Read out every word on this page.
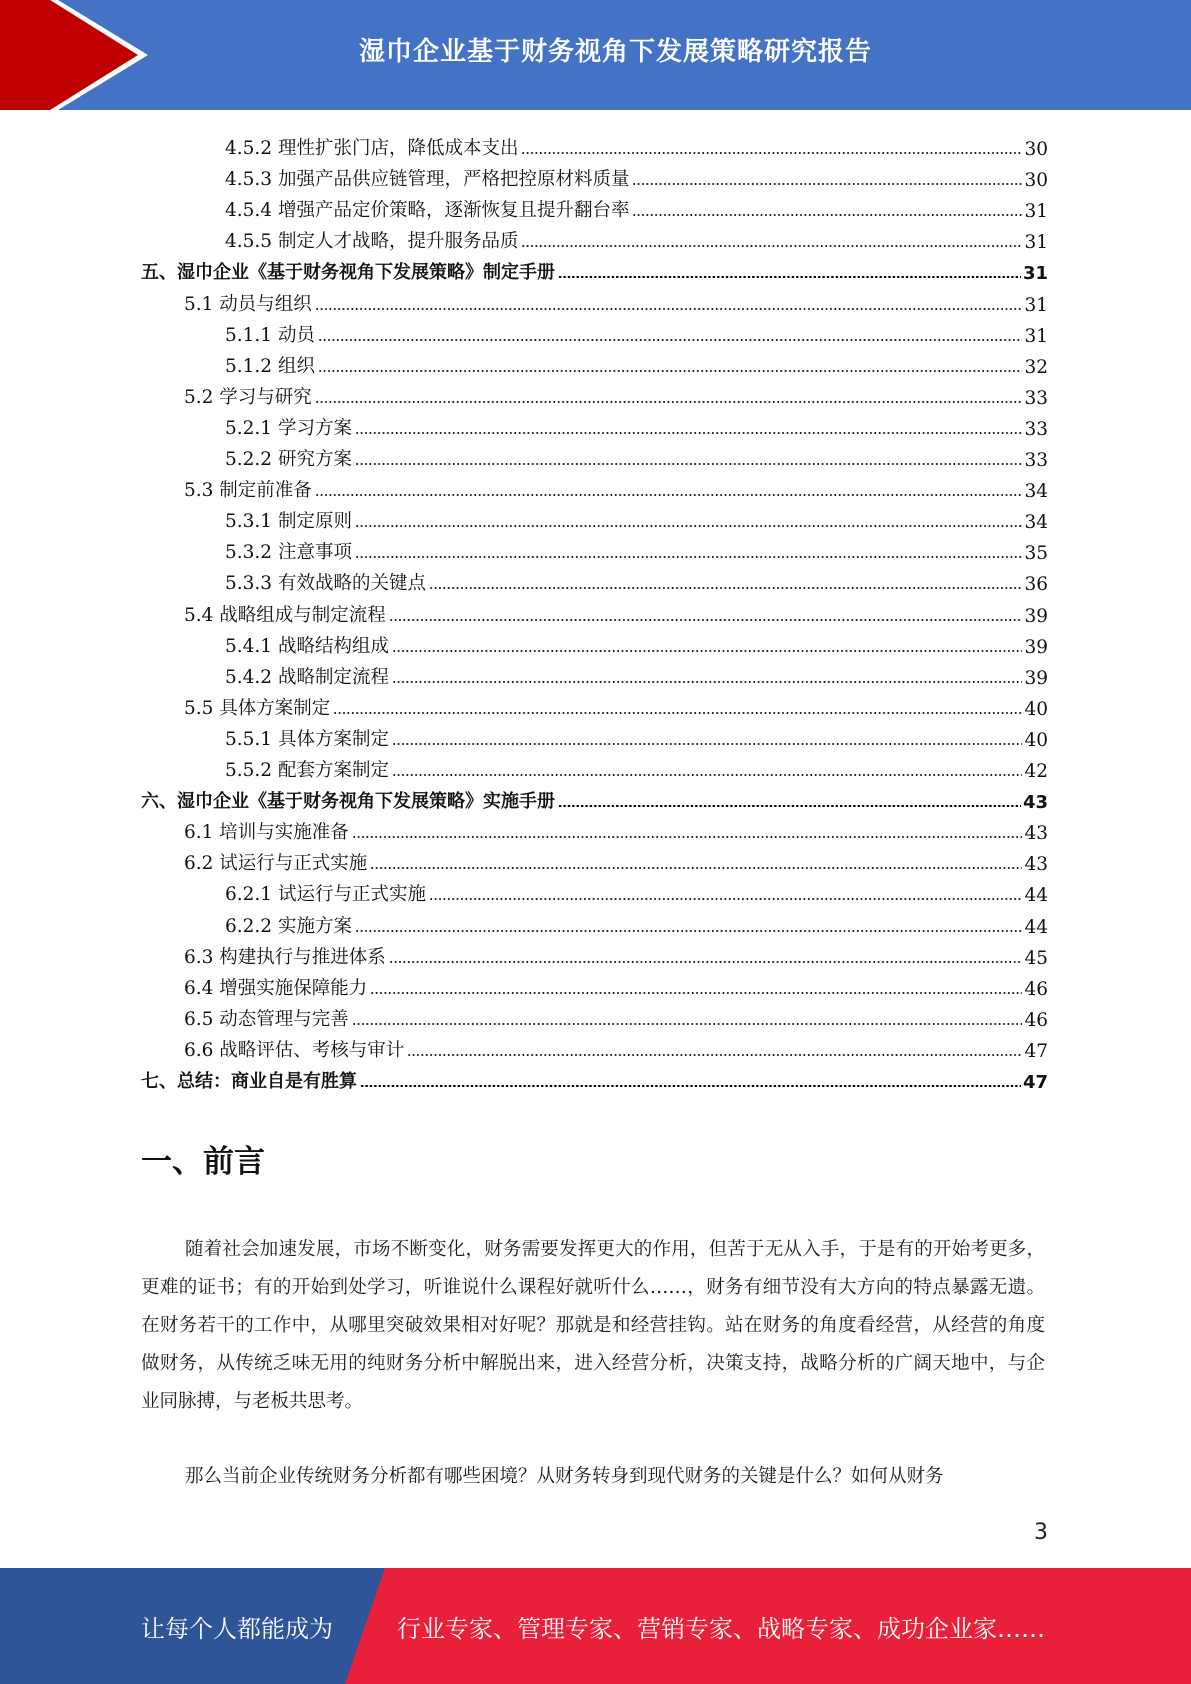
湿巾企业基于财务视角下发展策略研究报告
4.5.2 理性扩张门店，降低成本支出	30
4.5.3 加强产品供应链管理，严格把控原材料质量	30
4.5.4 增强产品定价策略，逐渐恢复且提升翻台率	31
4.5.5 制定人才战略，提升服务品质	31
五、湿巾企业《基于财务视角下发展策略》制定手册	31
5.1 动员与组织	31
5.1.1 动员	31
5.1.2 组织	32
5.2 学习与研究	33
5.2.1 学习方案	33
5.2.2 研究方案	33
5.3 制定前准备	34
5.3.1 制定原则	34
5.3.2 注意事项	35
5.3.3 有效战略的关键点	36
5.4 战略组成与制定流程	39
5.4.1 战略结构组成	39
5.4.2 战略制定流程	39
5.5 具体方案制定	40
5.5.1 具体方案制定	40
5.5.2 配套方案制定	42
六、湿巾企业《基于财务视角下发展策略》实施手册	43
6.1 培训与实施准备	43
6.2 试运行与正式实施	43
6.2.1 试运行与正式实施	44
6.2.2 实施方案	44
6.3 构建执行与推进体系	45
6.4 增强实施保障能力	46
6.5 动态管理与完善	46
6.6 战略评估、考核与审计	47
七、总结：商业自是有胜算	47
一、前言

随着社会加速发展，市场不断变化，财务需要发挥更大的作用，但苦于无从入手，于是有的开始考更多，更难的证书；有的开始到处学习，听谁说什么课程好就听什么……，财务有细节没有大方向的特点暴露无遗。在财务若干的工作中，从哪里突破效果相对好呢？那就是和经营挂钩。站在财务的角度看经营，从经营的角度做财务，从传统乏味无用的纯财务分析中解脱出来，进入经营分析，决策支持，战略分析的广阔天地中，与企业同脉搏，与老板共思考。

那么当前企业传统财务分析都有哪些困境？从财务转身到现代财务的关键是什么？如何从财务

3
让每个人都能成为	行业专家、管理专家、营销专家、战略专家、成功企业家……
